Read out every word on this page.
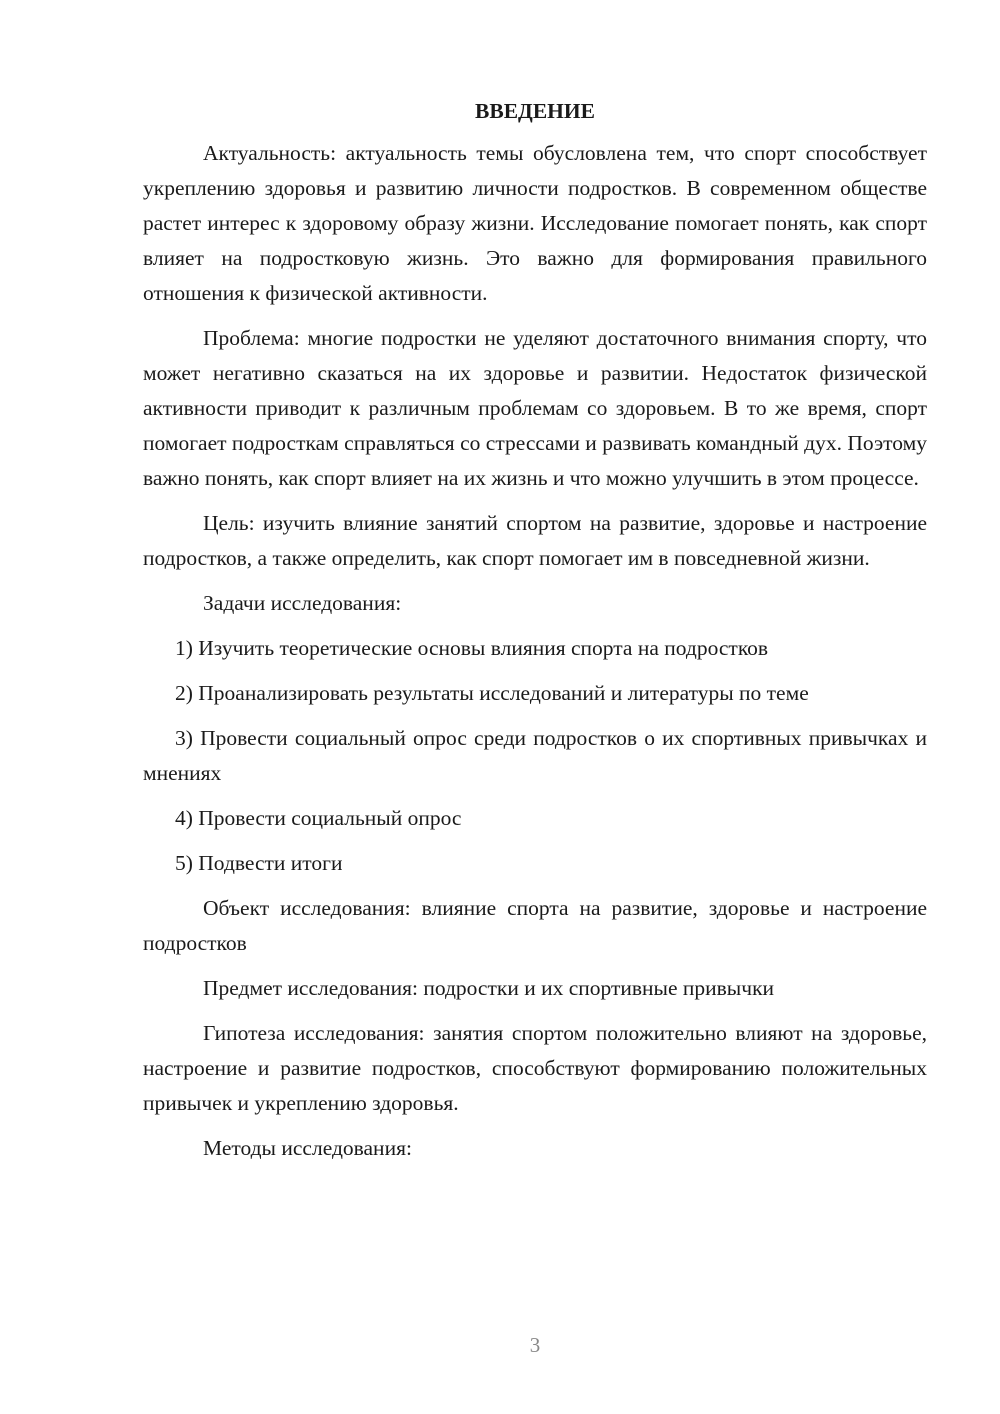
ВВЕДЕНИЕ

Актуальность: актуальность темы обусловлена тем, что спорт способствует укреплению здоровья и развитию личности подростков. В современном обществе растет интерес к здоровому образу жизни. Исследование помогает понять, как спорт влияет на подростковую жизнь. Это важно для формирования правильного отношения к физической активности.

Проблема: многие подростки не уделяют достаточного внимания спорту, что может негативно сказаться на их здоровье и развитии. Недостаток физической активности приводит к различным проблемам со здоровьем. В то же время, спорт помогает подросткам справляться со стрессами и развивать командный дух. Поэтому важно понять, как спорт влияет на их жизнь и что можно улучшить в этом процессе.

Цель: изучить влияние занятий спортом на развитие, здоровье и настроение подростков, а также определить, как спорт помогает им в повседневной жизни.

Задачи исследования:

1) Изучить теоретические основы влияния спорта на подростков

2) Проанализировать результаты исследований и литературы по теме

3) Провести социальный опрос среди подростков о их спортивных привычках и мнениях

4) Провести социальный опрос

5) Подвести итоги

Объект исследования: влияние спорта на развитие, здоровье и настроение подростков

Предмет исследования: подростки и их спортивные привычки

Гипотеза исследования: занятия спортом положительно влияют на здоровье, настроение и развитие подростков, способствуют формированию положительных привычек и укреплению здоровья.

Методы исследования:

3
